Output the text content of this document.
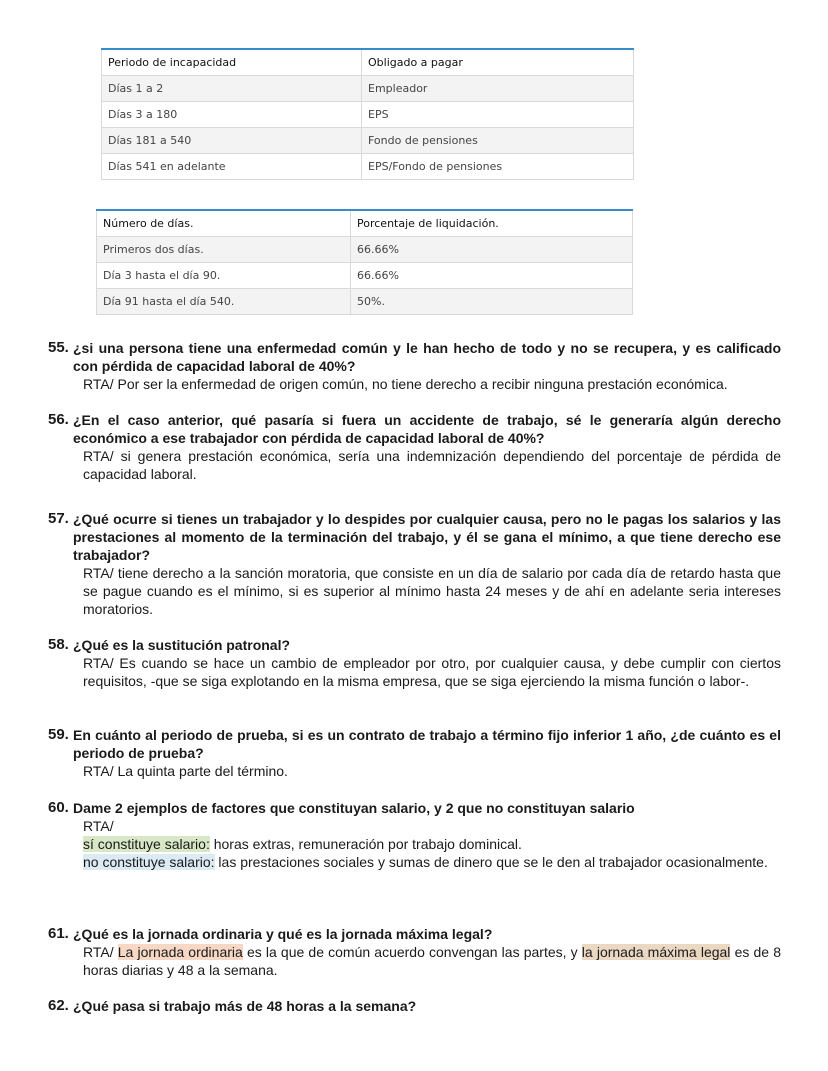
Periodo de incapacidad	Obligado a pagar
Días 1 a 2	Empleador
Días 3 a 180	EPS
Días 181 a 540	Fondo de pensiones
Días 541 en adelante	EPS/Fondo de pensiones
Número de días.	Porcentaje de liquidación.
Primeros dos días.	66.66%
Día 3 hasta el día 90.	66.66%
Día 91 hasta el día 540.	50%.
55. ¿si una persona tiene una enfermedad común y le han hecho de todo y no se recupera, y es calificado con pérdida de capacidad laboral de 40%?
RTA/ Por ser la enfermedad de origen común, no tiene derecho a recibir ninguna prestación económica.
56. ¿En el caso anterior, qué pasaría si fuera un accidente de trabajo, sé le generaría algún derecho económico a ese trabajador con pérdida de capacidad laboral de 40%?
RTA/ si genera prestación económica, sería una indemnización dependiendo del porcentaje de pérdida de capacidad laboral.
57. ¿Qué ocurre si tienes un trabajador y lo despides por cualquier causa, pero no le pagas los salarios y las prestaciones al momento de la terminación del trabajo, y él se gana el mínimo, a que tiene derecho ese trabajador?
RTA/ tiene derecho a la sanción moratoria, que consiste en un día de salario por cada día de retardo hasta que se pague cuando es el mínimo, si es superior al mínimo hasta 24 meses y de ahí en adelante seria intereses moratorios.
58. ¿Qué es la sustitución patronal?
RTA/ Es cuando se hace un cambio de empleador por otro, por cualquier causa, y debe cumplir con ciertos requisitos, -que se siga explotando en la misma empresa, que se siga ejerciendo la misma función o labor-.
59. En cuánto al periodo de prueba, si es un contrato de trabajo a término fijo inferior 1 año, ¿de cuánto es el periodo de prueba?
RTA/ La quinta parte del término.
60. Dame 2 ejemplos de factores que constituyan salario, y 2 que no constituyan salario
RTA/
sí constituye salario: horas extras, remuneración por trabajo dominical.
no constituye salario: las prestaciones sociales y sumas de dinero que se le den al trabajador ocasionalmente.
61. ¿Qué es la jornada ordinaria y qué es la jornada máxima legal?
RTA/ La jornada ordinaria es la que de común acuerdo convengan las partes, y la jornada máxima legal es de 8 horas diarias y 48 a la semana.
62. ¿Qué pasa si trabajo más de 48 horas a la semana?
